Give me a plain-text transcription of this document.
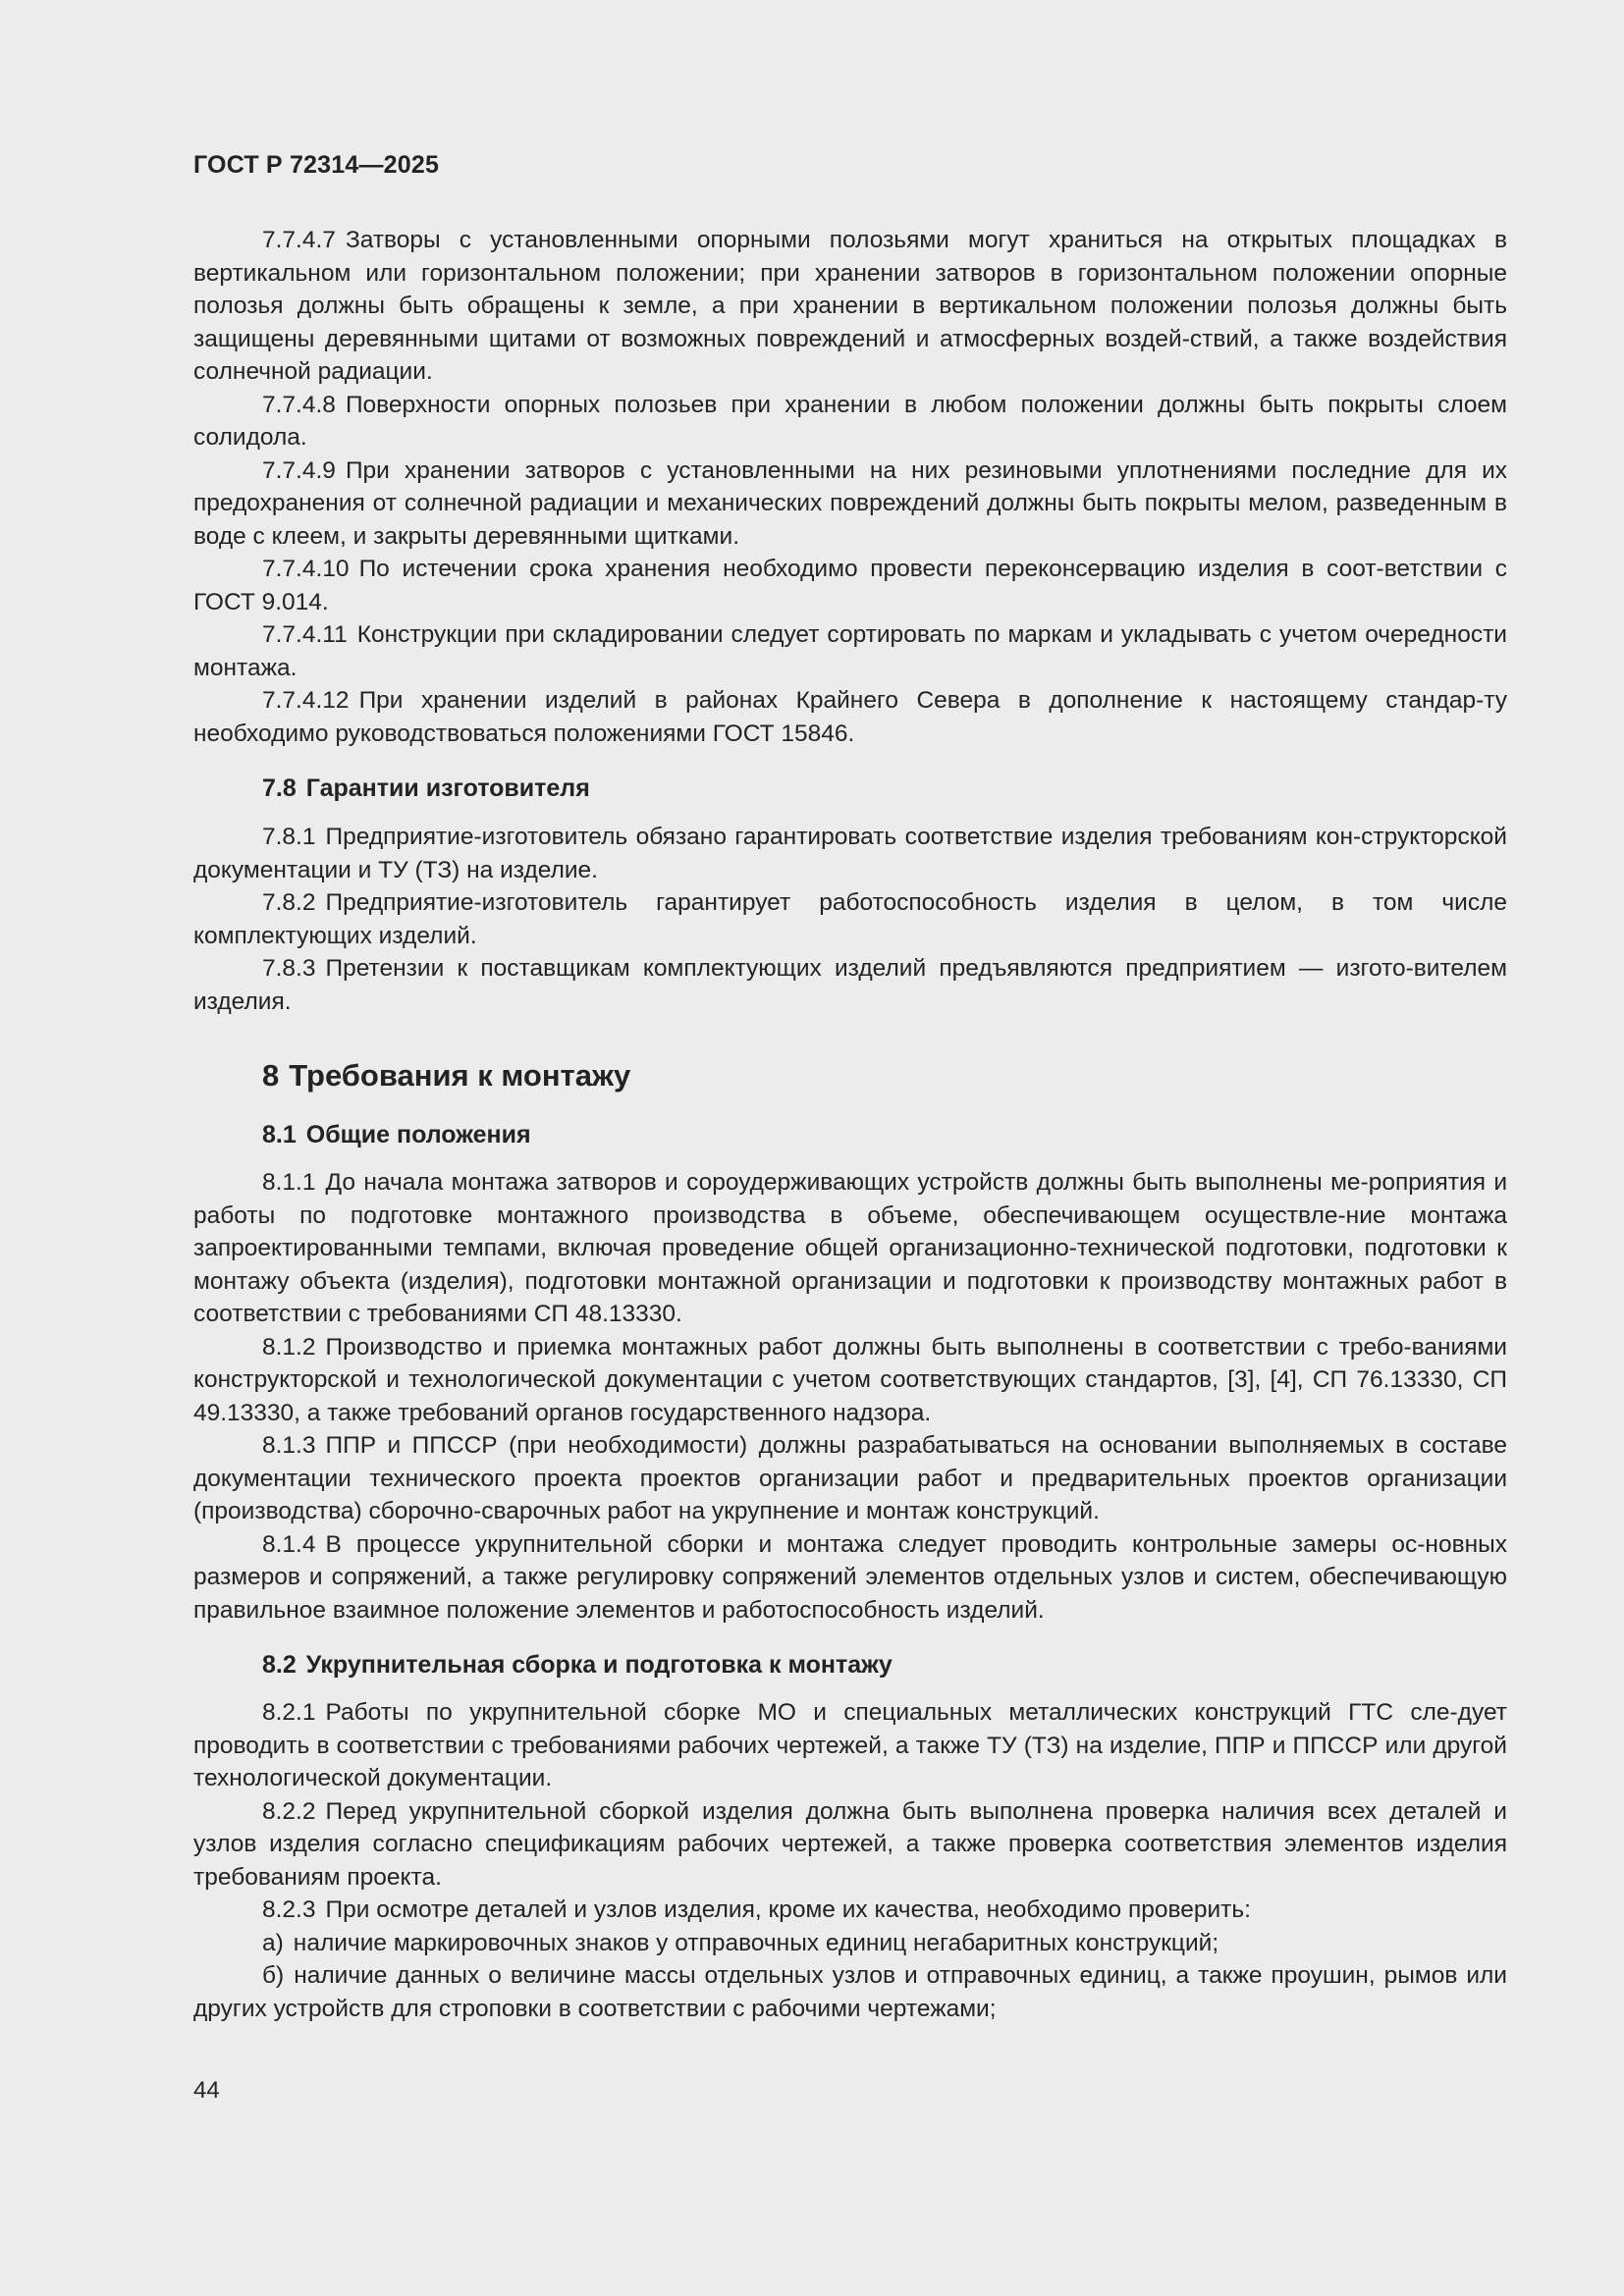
ГОСТ Р 72314—2025

7.7.4.7 Затворы с установленными опорными полозьями могут храниться на открытых площадках в вертикальном или горизонтальном положении; при хранении затворов в горизонтальном положении опорные полозья должны быть обращены к земле, а при хранении в вертикальном положении полозья должны быть защищены деревянными щитами от возможных повреждений и атмосферных воздей-ствий, а также воздействия солнечной радиации.

7.7.4.8 Поверхности опорных полозьев при хранении в любом положении должны быть покрыты слоем солидола.

7.7.4.9 При хранении затворов с установленными на них резиновыми уплотнениями последние для их предохранения от солнечной радиации и механических повреждений должны быть покрыты мелом, разведенным в воде с клеем, и закрыты деревянными щитками.

7.7.4.10 По истечении срока хранения необходимо провести переконсервацию изделия в соот-ветствии с ГОСТ 9.014.

7.7.4.11 Конструкции при складировании следует сортировать по маркам и укладывать с учетом очередности монтажа.

7.7.4.12 При хранении изделий в районах Крайнего Севера в дополнение к настоящему стандар-ту необходимо руководствоваться положениями ГОСТ 15846.

7.8 Гарантии изготовителя

7.8.1 Предприятие-изготовитель обязано гарантировать соответствие изделия требованиям кон-структорской документации и ТУ (ТЗ) на изделие.

7.8.2 Предприятие-изготовитель гарантирует работоспособность изделия в целом, в том числе комплектующих изделий.

7.8.3 Претензии к поставщикам комплектующих изделий предъявляются предприятием — изгото-вителем изделия.

8 Требования к монтажу

8.1 Общие положения

8.1.1 До начала монтажа затворов и сороудерживающих устройств должны быть выполнены ме-роприятия и работы по подготовке монтажного производства в объеме, обеспечивающем осуществле-ние монтажа запроектированными темпами, включая проведение общей организационно-технической подготовки, подготовки к монтажу объекта (изделия), подготовки монтажной организации и подготовки к производству монтажных работ в соответствии с требованиями СП 48.13330.

8.1.2 Производство и приемка монтажных работ должны быть выполнены в соответствии с требо-ваниями конструкторской и технологической документации с учетом соответствующих стандартов, [3], [4], СП 76.13330, СП 49.13330, а также требований органов государственного надзора.

8.1.3 ППР и ППССР (при необходимости) должны разрабатываться на основании выполняемых в составе документации технического проекта проектов организации работ и предварительных проектов организации (производства) сборочно-сварочных работ на укрупнение и монтаж конструкций.

8.1.4 В процессе укрупнительной сборки и монтажа следует проводить контрольные замеры ос-новных размеров и сопряжений, а также регулировку сопряжений элементов отдельных узлов и систем, обеспечивающую правильное взаимное положение элементов и работоспособность изделий.

8.2 Укрупнительная сборка и подготовка к монтажу

8.2.1 Работы по укрупнительной сборке МО и специальных металлических конструкций ГТС сле-дует проводить в соответствии с требованиями рабочих чертежей, а также ТУ (ТЗ) на изделие, ППР и ППССР или другой технологической документации.

8.2.2 Перед укрупнительной сборкой изделия должна быть выполнена проверка наличия всех деталей и узлов изделия согласно спецификациям рабочих чертежей, а также проверка соответствия элементов изделия требованиям проекта.

8.2.3 При осмотре деталей и узлов изделия, кроме их качества, необходимо проверить:

а) наличие маркировочных знаков у отправочных единиц негабаритных конструкций;

б) наличие данных о величине массы отдельных узлов и отправочных единиц, а также проушин, рымов или других устройств для строповки в соответствии с рабочими чертежами;

44
